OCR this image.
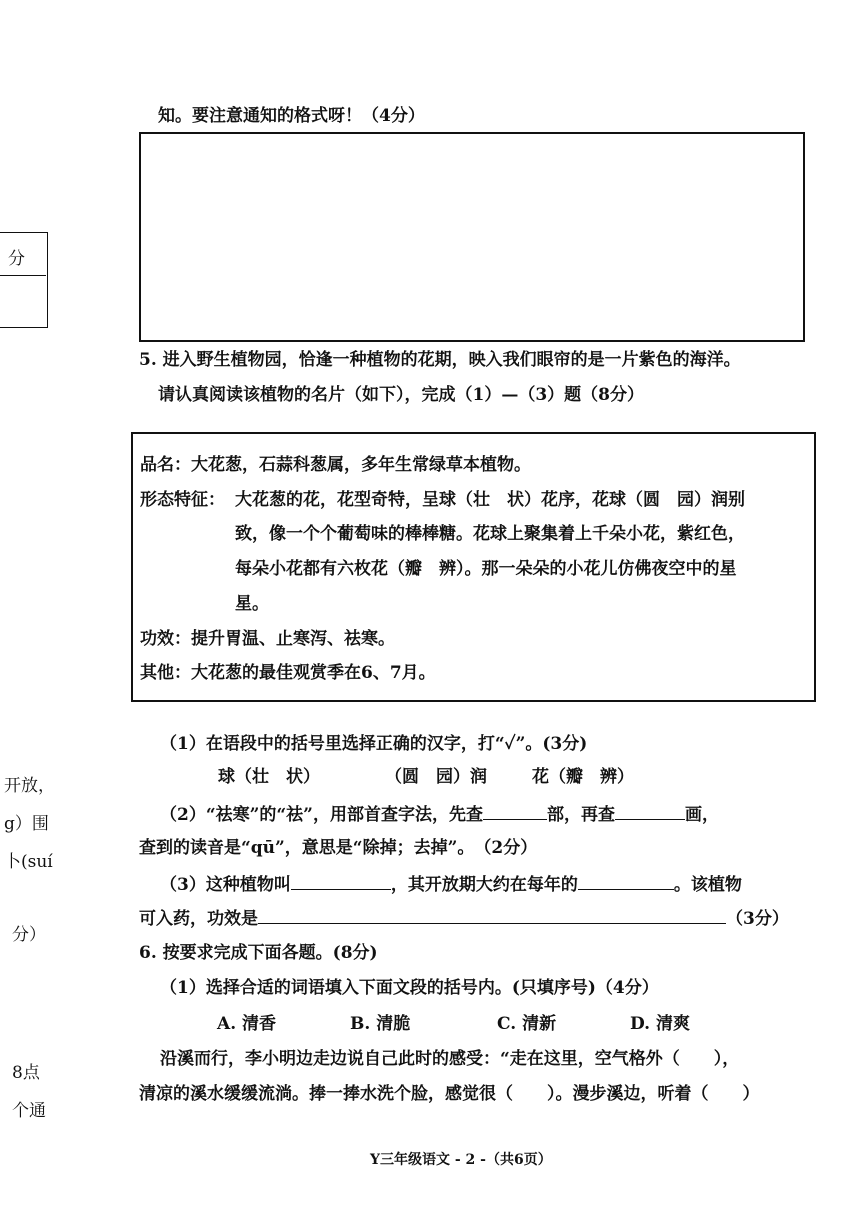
分
开放，
g）围
卜(suí
分）
8点
个通
知。要注意通知的格式呀！（4分）
5. 进入野生植物园，恰逢一种植物的花期，映入我们眼帘的是一片紫色的海洋。
请认真阅读该植物的名片（如下），完成（1）—（3）题（8分）
品名：大花葱，石蒜科葱属，多年生常绿草本植物。
形态特征： 大花葱的花，花型奇特，呈球（壮　状）花序，花球（圆　园）润别
致，像一个个葡萄味的棒棒糖。花球上聚集着上千朵小花，紫红色，
每朵小花都有六枚花（瓣　辨）。那一朵朵的小花儿仿佛夜空中的星
星。
功效：提升胃温、止寒泻、祛寒。
其他：大花葱的最佳观赏季在6、7月。
（1）在语段中的括号里选择正确的汉字，打“✓”。(3分)
球（壮　状）	（圆　园）润	花（瓣　辨）
（2）“祛寒”的“祛”，用部首查字法，先查	部，再查	画，
查到的读音是“qū”，意思是“除掉；去掉”。　（2分）
（3）这种植物叫	，其开放期大约在每年的	。该植物
可入药，功效是	（3分）
6. 按要求完成下面各题。(8分)
（1）选择合适的词语填入下面文段的括号内。(只填序号)（4分）
A. 清香	B. 清脆	C. 清新	D. 清爽
沿溪而行，李小明边走边说自己此时的感受：“走在这里，空气格外（　　），
清凉的溪水缓缓流淌。捧一捧水洗个脸，感觉很（　　）。漫步溪边，听着（　　）
Y三年级语文 - 2 -（共6页）
